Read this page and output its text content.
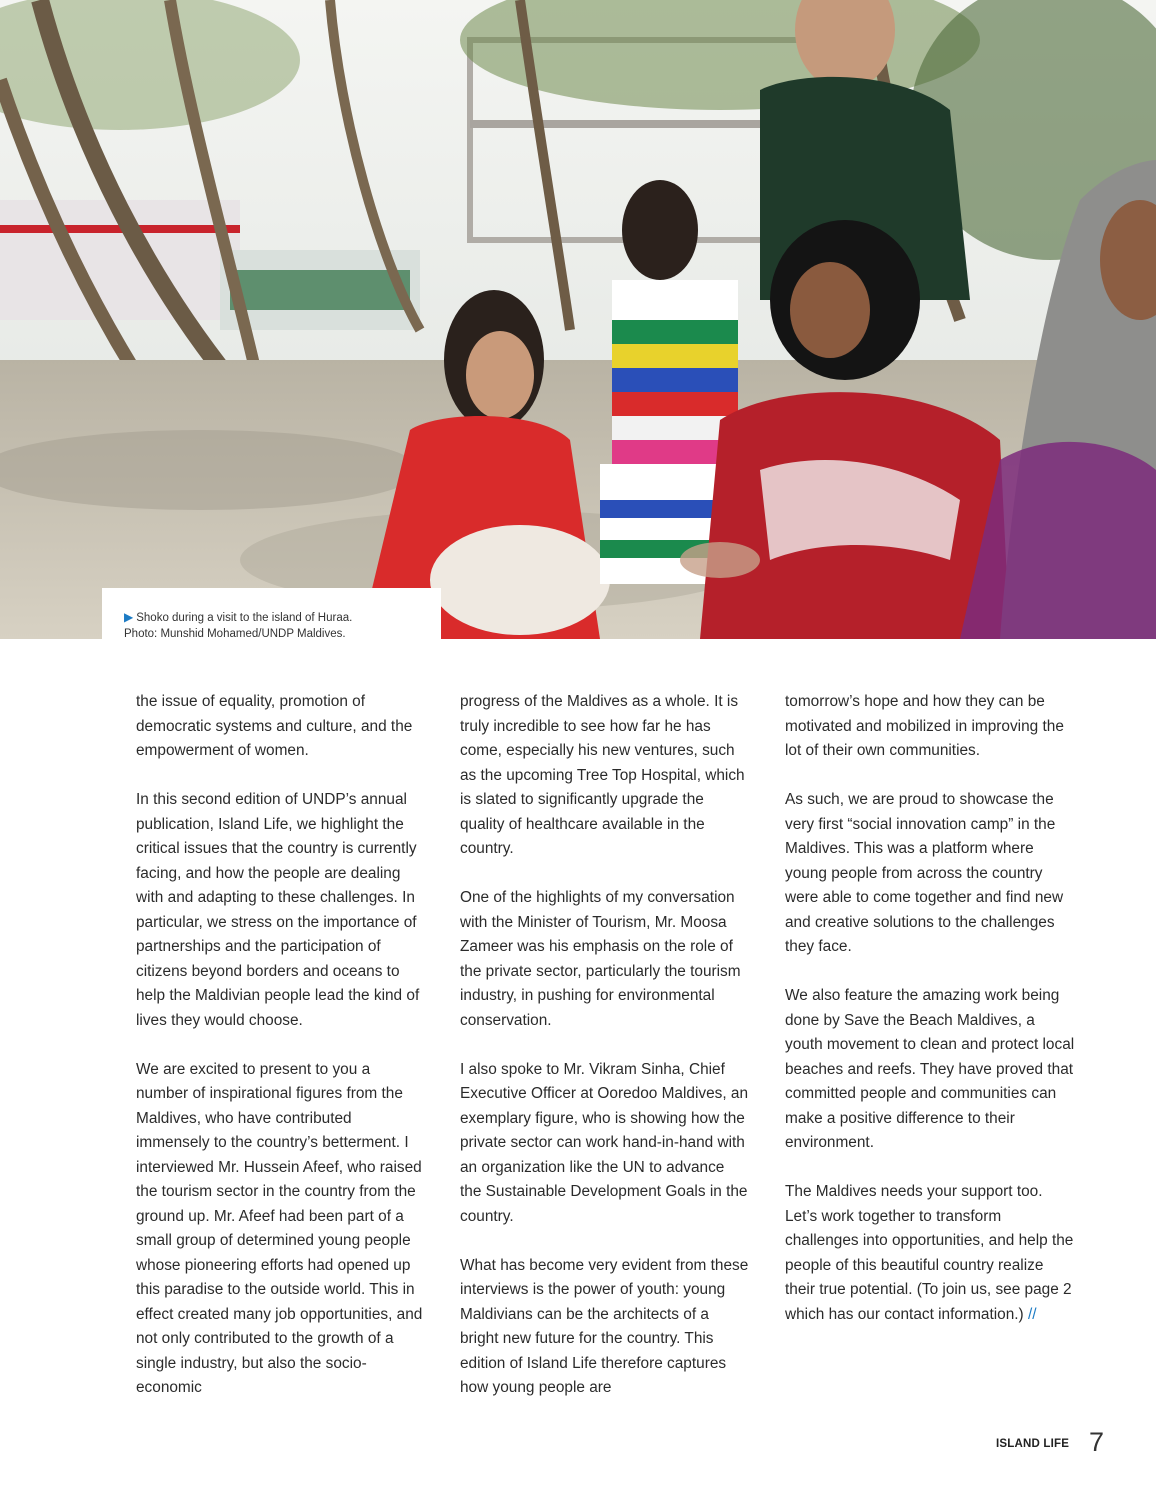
▶ Shoko during a visit to the island of Huraa.
Photo: Munshid Mohamed/UNDP Maldives.

the issue of equality, promotion of democratic systems and culture, and the empowerment of women.

In this second edition of UNDP’s annual publication, Island Life, we highlight the critical issues that the country is currently facing, and how the people are dealing with and adapting to these challenges. In particular, we stress on the importance of partnerships and the participation of citizens beyond borders and oceans to help the Maldivian people lead the kind of lives they would choose.

We are excited to present to you a number of inspirational figures from the Maldives, who have contributed immensely to the country’s betterment. I interviewed Mr. Hussein Afeef, who raised the tourism sector in the country from the ground up. Mr. Afeef had been part of a small group of determined young people whose pioneering efforts had opened up this paradise to the outside world. This in effect created many job opportunities, and not only contributed to the growth of a single industry, but also the socio-economic

progress of the Maldives as a whole. It is truly incredible to see how far he has come, especially his new ventures, such as the upcoming Tree Top Hospital, which is slated to significantly upgrade the quality of healthcare available in the country.

One of the highlights of my conversation with the Minister of Tourism, Mr. Moosa Zameer was his emphasis on the role of the private sector, particularly the tourism industry, in pushing for environmental conservation.

I also spoke to Mr. Vikram Sinha, Chief Executive Officer at Ooredoo Maldives, an exemplary figure, who is showing how the private sector can work hand-in-hand with an organization like the UN to advance the Sustainable Development Goals in the country.

What has become very evident from these interviews is the power of youth: young Maldivians can be the architects of a bright new future for the country. This edition of Island Life therefore captures how young people are

tomorrow’s hope and how they can be motivated and mobilized in improving the lot of their own communities.

As such, we are proud to showcase the very first “social innovation camp” in the Maldives. This was a platform where young people from across the country were able to come together and find new and creative solutions to the challenges they face.

We also feature the amazing work being done by Save the Beach Maldives, a youth movement to clean and protect local beaches and reefs. They have proved that committed people and communities can make a positive difference to their environment.

The Maldives needs your support too. Let’s work together to transform challenges into opportunities, and help the people of this beautiful country realize their true potential. (To join us, see page 2 which has our contact information.) //

ISLAND LIFE 7
